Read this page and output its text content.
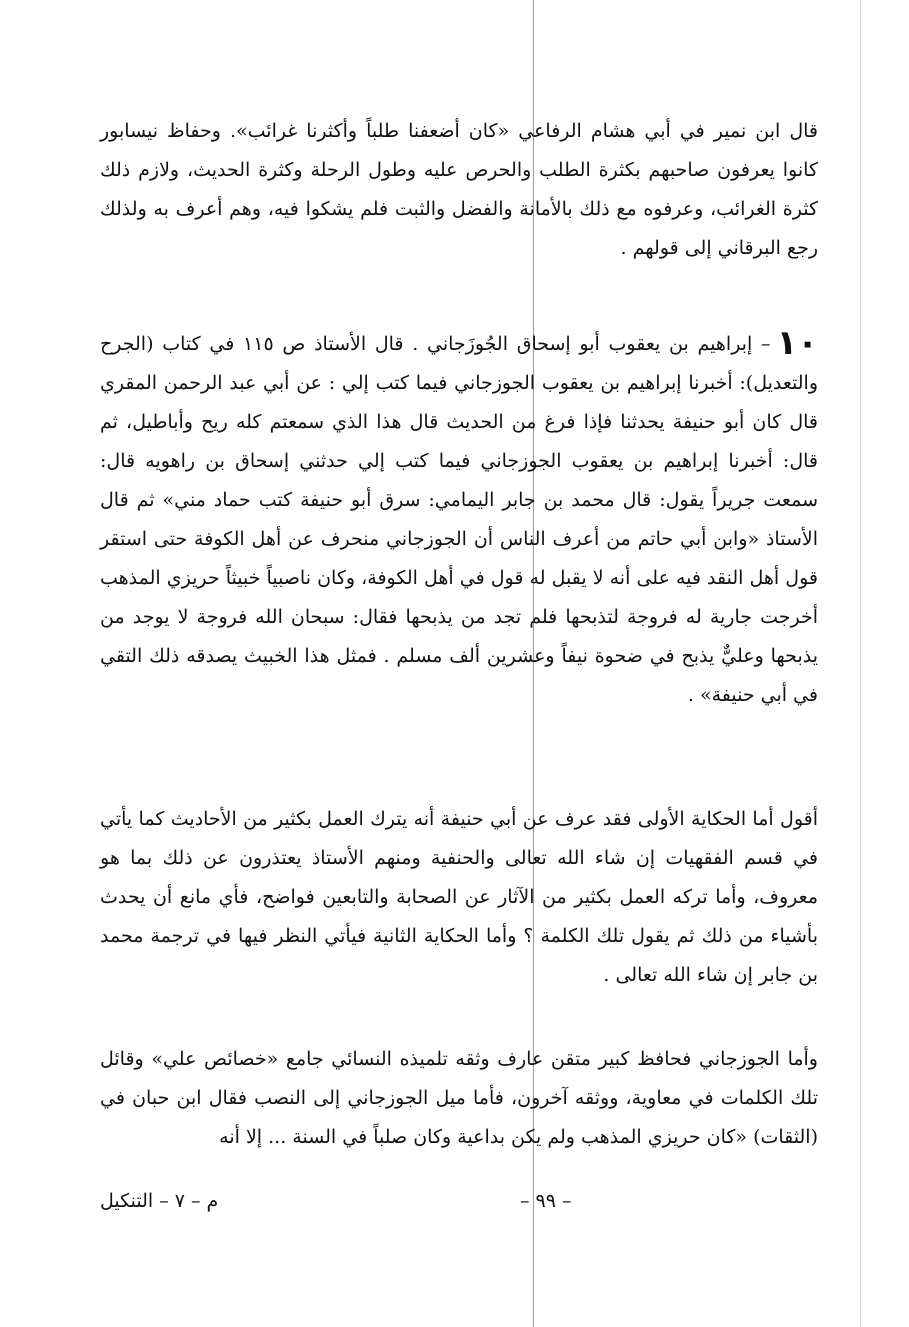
قال ابن نمير في أبي هشام الرفاعي «كان أضعفنا طلباً وأكثرنا غرائب». وحفاظ نيسابور كانوا يعرفون صاحبهم بكثرة الطلب والحرص عليه وطول الرحلة وكثرة الحديث، ولازم ذلك كثرة الغرائب، وعرفوه مع ذلك بالأمانة والفضل والثبت فلم يشكوا فيه، وهم أعرف به ولذلك رجع البرقاني إلى قولهم .

١٠– إبراهيم بن يعقوب أبو إسحاق الجُوزَجاني . قال الأستاذ ص ١١٥ في كتاب (الجرح والتعديل): أخبرنا إبراهيم بن يعقوب الجوزجاني فيما كتب إلي : عن أبي عبد الرحمن المقري قال كان أبو حنيفة يحدثنا فإذا فرغ من الحديث قال هذا الذي سمعتم كله ريح وأباطيل، ثم قال: أخبرنا إبراهيم بن يعقوب الجوزجاني فيما كتب إلي حدثني إسحاق بن راهويه قال: سمعت جريراً يقول: قال محمد بن جابر اليمامي: سرق أبو حنيفة كتب حماد مني» ثم قال الأستاذ «وابن أبي حاتم من أعرف الناس أن الجوزجاني منحرف عن أهل الكوفة حتى استقر قول أهل النقد فيه على أنه لا يقبل له قول في أهل الكوفة، وكان ناصبياً خبيثاً حريزي المذهب أخرجت جارية له فروجة لتذبحها فلم تجد من يذبحها فقال: سبحان الله فروجة لا يوجد من يذبحها وعليٌّ يذبح في ضحوة نيفاً وعشرين ألف مسلم . فمثل هذا الخبيث يصدقه ذلك التقي في أبي حنيفة» .

أقول أما الحكاية الأولى فقد عرف عن أبي حنيفة أنه يترك العمل بكثير من الأحاديث كما يأتي في قسم الفقهيات إن شاء الله تعالى والحنفية ومنهم الأستاذ يعتذرون عن ذلك بما هو معروف، وأما تركه العمل بكثير من الآثار عن الصحابة والتابعين فواضح، فأي مانع أن يحدث بأشياء من ذلك ثم يقول تلك الكلمة ؟ وأما الحكاية الثانية فيأتي النظر فيها في ترجمة محمد بن جابر إن شاء الله تعالى .

وأما الجوزجاني فحافظ كبير متقن عارف وثقه تلميذه النسائي جامع «خصائص علي» وقائل تلك الكلمات في معاوية، ووثقه آخرون، فأما ميل الجوزجاني إلى النصب فقال ابن حبان في (الثقات) «كان حريزي المذهب ولم يكن بداعية وكان صلباً في السنة ... إلا أنه

– ٩٩ –
م – ٧ – التنكيل
